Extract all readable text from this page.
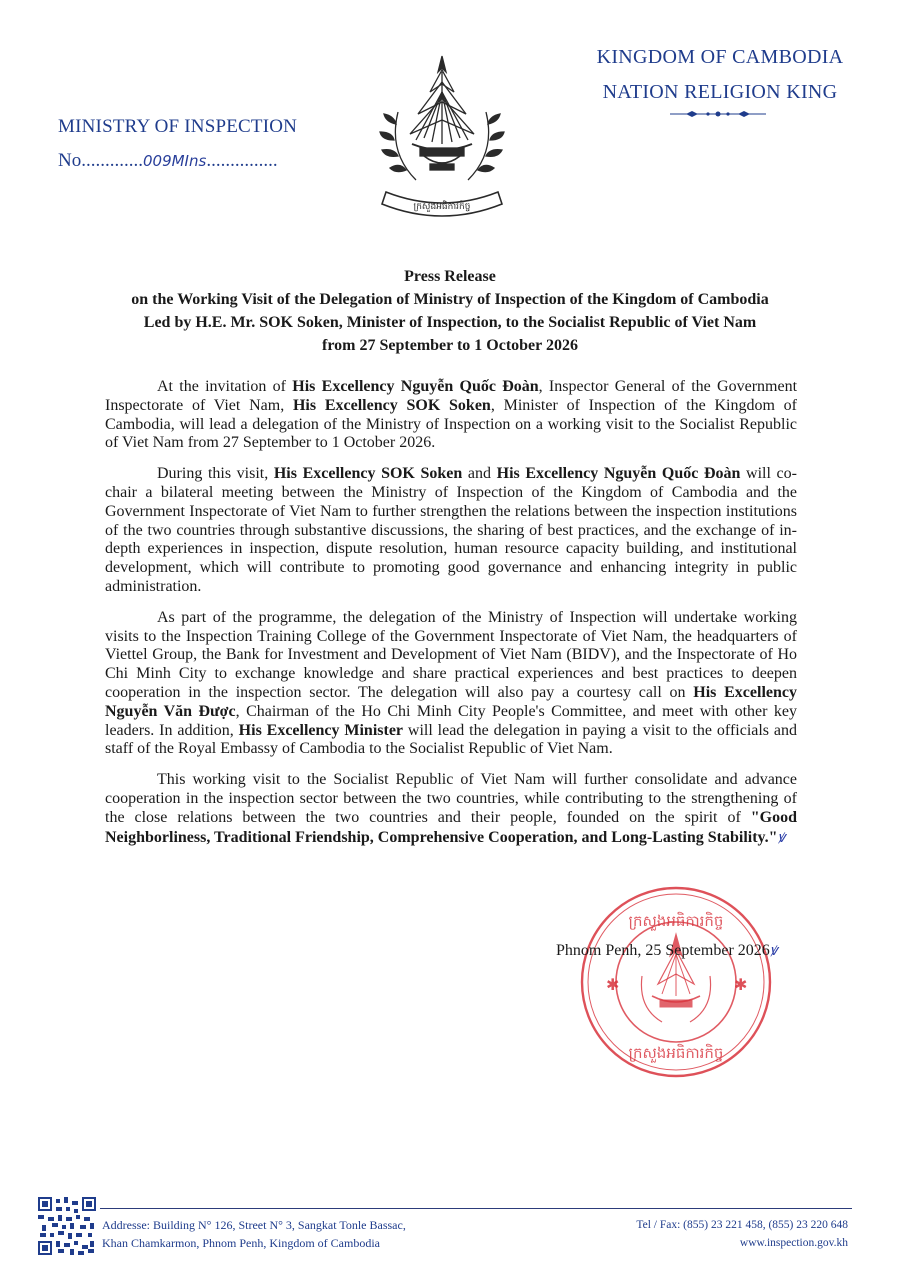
KINGDOM OF CAMBODIA
NATION RELIGION KING
MINISTRY OF INSPECTION
No.............009MIns...............
ក្រសួងអធិការកិច្ច
Press Release
on the Working Visit of the Delegation of Ministry of Inspection of the Kingdom of Cambodia
Led by H.E. Mr. SOK Soken, Minister of Inspection, to the Socialist Republic of Viet Nam
from 27 September to 1 October 2026

At the invitation of His Excellency Nguyễn Quốc Đoàn, Inspector General of the Government Inspectorate of Viet Nam, His Excellency SOK Soken, Minister of Inspection of the Kingdom of Cambodia, will lead a delegation of the Ministry of Inspection on a working visit to the Socialist Republic of Viet Nam from 27 September to 1 October 2026.

During this visit, His Excellency SOK Soken and His Excellency Nguyễn Quốc Đoàn will co-chair a bilateral meeting between the Ministry of Inspection of the Kingdom of Cambodia and the Government Inspectorate of Viet Nam to further strengthen the relations between the inspection institutions of the two countries through substantive discussions, the sharing of best practices, and the exchange of in-depth experiences in inspection, dispute resolution, human resource capacity building, and institutional development, which will contribute to promoting good governance and enhancing integrity in public administration.

As part of the programme, the delegation of the Ministry of Inspection will undertake working visits to the Inspection Training College of the Government Inspectorate of Viet Nam, the headquarters of Viettel Group, the Bank for Investment and Development of Viet Nam (BIDV), and the Inspectorate of Ho Chi Minh City to exchange knowledge and share practical experiences and best practices to deepen cooperation in the inspection sector. The delegation will also pay a courtesy call on His Excellency Nguyễn Văn Được, Chairman of the Ho Chi Minh City People's Committee, and meet with other key leaders. In addition, His Excellency Minister will lead the delegation in paying a visit to the officials and staff of the Royal Embassy of Cambodia to the Socialist Republic of Viet Nam.

This working visit to the Socialist Republic of Viet Nam will further consolidate and advance cooperation in the inspection sector between the two countries, while contributing to the strengthening of the close relations between the two countries and their people, founded on the spirit of "Good Neighborliness, Traditional Friendship, Comprehensive Cooperation, and Long-Lasting Stability."ꝟ

✱	✱
ក្រសួងអធិការកិច្ច
ក្រសួងអធិការកិច្ច
Phnom Penh, 25 September 2026ꝟ
Addresse: Building N° 126, Street N° 3, Sangkat Tonle Bassac,
Khan Chamkarmon, Phnom Penh, Kingdom of Cambodia
Tel / Fax: (855) 23 221 458, (855) 23 220 648
www.inspection.gov.kh
